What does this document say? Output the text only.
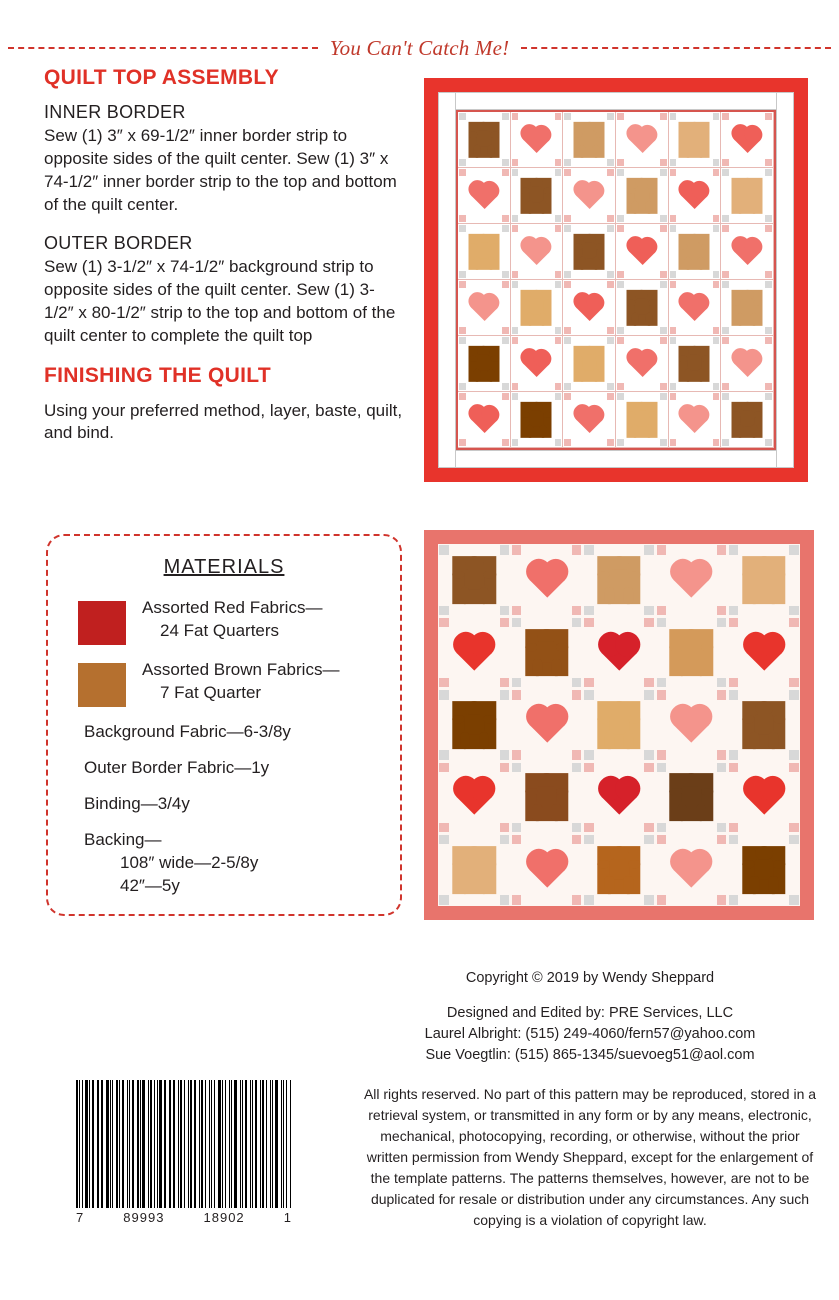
You Can't Catch Me!
QUILT TOP ASSEMBLY
INNER BORDER

Sew (1) 3″ x 69-1/2″ inner border strip to opposite sides of the quilt center. Sew (1) 3″ x 74-1/2″ inner border strip to the top and bottom of the quilt center.

OUTER BORDER

Sew (1) 3-1/2″ x 74-1/2″ background strip to opposite sides of the quilt center. Sew (1) 3-1/2″ x 80-1/2″ strip to the top and bottom of the quilt center to complete the quilt top

FINISHING THE QUILT

Using your preferred method, layer, baste, quilt, and bind.

MATERIALS
Assorted Red Fabrics—
24 Fat Quarters
Assorted Brown Fabrics—
7 Fat Quarter
Background Fabric—6-3/8y
Outer Border Fabric—1y
Binding—3/4y
Backing—
108″ wide—2-5/8y
42″—5y
Copyright © 2019 by Wendy Sheppard
Designed and Edited by: PRE Services, LLC
Laurel Albright: (515) 249-4060/fern57@yahoo.com
Sue Voegtlin: (515) 865-1345/suevoeg51@aol.com
All rights reserved. No part of this pattern may be reproduced, stored in a retrieval system, or transmitted in any form or by any means, electronic, mechanical, photocopying, recording, or otherwise, without the prior written permission from Wendy Sheppard, except for the enlargement of the template patterns. The patterns themselves, however, are not to be duplicated for resale or distribution under any circumstances. Any such copying is a violation of copyright law.
7	89993	18902	1
